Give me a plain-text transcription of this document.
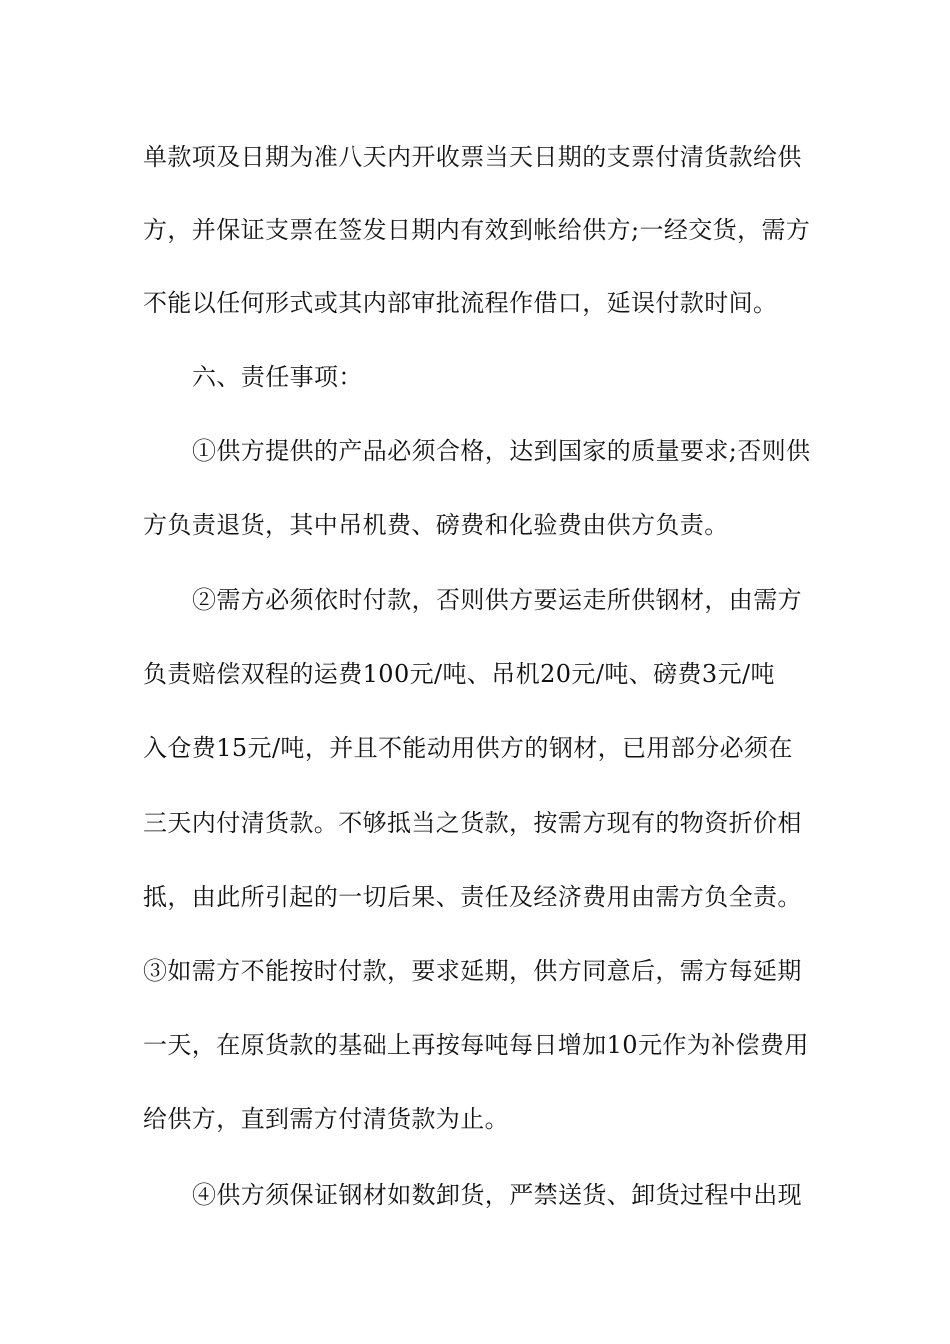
单款项及日期为准八天内开收票当天日期的支票付清货款给供
方，并保证支票在签发日期内有效到帐给供方;一经交货，需方
不能以任何形式或其内部审批流程作借口，延误付款时间。
六、责任事项：
①供方提供的产品必须合格，达到国家的质量要求;否则供
方负责退货，其中吊机费、磅费和化验费由供方负责。
②需方必须依时付款，否则供方要运走所供钢材，由需方
负责赔偿双程的运费100元/吨、吊机20元/吨、磅费3元/吨
入仓费15元/吨，并且不能动用供方的钢材，已用部分必须在
三天内付清货款。不够抵当之货款，按需方现有的物资折价相
抵，由此所引起的一切后果、责任及经济费用由需方负全责。
③如需方不能按时付款，要求延期，供方同意后，需方每延期
一天，在原货款的基础上再按每吨每日增加10元作为补偿费用
给供方，直到需方付清货款为止。
④供方须保证钢材如数卸货，严禁送货、卸货过程中出现
